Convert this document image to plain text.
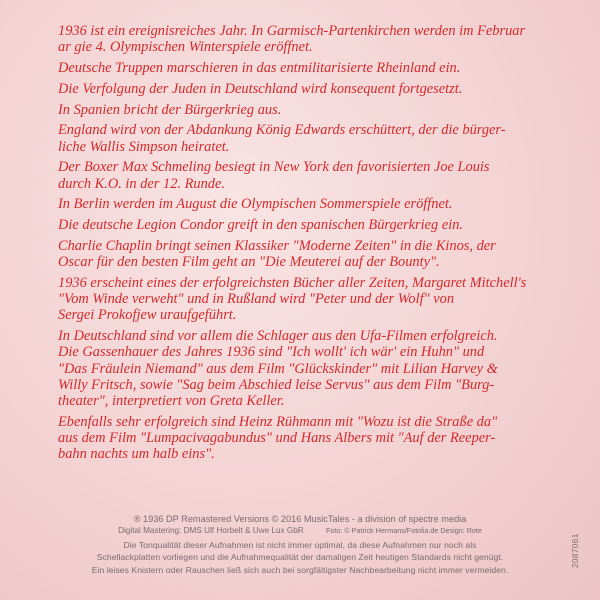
1936 ist ein ereignisreiches Jahr. In Garmisch-Partenkirchen werden im Februar
ar gie 4. Olympischen Winterspiele eröffnet.

Deutsche Truppen marschieren in das entmilitarisierte Rheinland ein.

Die Verfolgung der Juden in Deutschland wird konsequent fortgesetzt.

In Spanien bricht der Bürgerkrieg aus.

England wird von der Abdankung König Edwards erschüttert, der die bürger-
liche Wallis Simpson heiratet.

Der Boxer Max Schmeling besiegt in New York den favorisierten Joe Louis
durch K.O. in der 12. Runde.

In Berlin werden im August die Olympischen Sommerspiele eröffnet.

Die deutsche Legion Condor greift in den spanischen Bürgerkrieg ein.

Charlie Chaplin bringt seinen Klassiker "Moderne Zeiten" in die Kinos, der
Oscar für den besten Film geht an "Die Meuterei auf der Bounty".

1936 erscheint eines der erfolgreichsten Bücher aller Zeiten, Margaret Mitchell's
"Vom Winde verweht" und in Rußland wird "Peter und der Wolf" von
Sergei Prokofjew uraufgeführt.

In Deutschland sind vor allem die Schlager aus den Ufa-Filmen erfolgreich.
Die Gassenhauer des Jahres 1936 sind "Ich wollt' ich wär' ein Huhn" und
"Das Fräulein Niemand" aus dem Film "Glückskinder" mit Lilian Harvey &
Willy Fritsch, sowie "Sag beim Abschied leise Servus" aus dem Film "Burg-
theater", interpretiert von Greta Keller.

Ebenfalls sehr erfolgreich sind Heinz Rühmann mit "Wozu ist die Straße da"
aus dem Film "Lumpacivagabundus" und Hans Albers mit "Auf der Reeper-
bahn nachts um halb eins".

® 1936 DP Remastered Versions © 2016 MusicTales - a division of spectre media
Digital Mastering: DMS Ulf Horbelt & Uwe Lux GbR	Foto: © Patrick Hermans/Fotolia.de Design: Rote
Die Tonqualität dieser Aufnahmen ist nicht immer optimal, da diese Aufnahmen nur noch als
Schellackplatten vorliegen und die Aufnahmequalität der damaligen Zeit heutigen Standards nicht genügt.
Ein leises Knistern oder Rauschen ließ sich auch bei sorgfältigster Nachbearbeitung nicht immer vermeiden.
2087061
